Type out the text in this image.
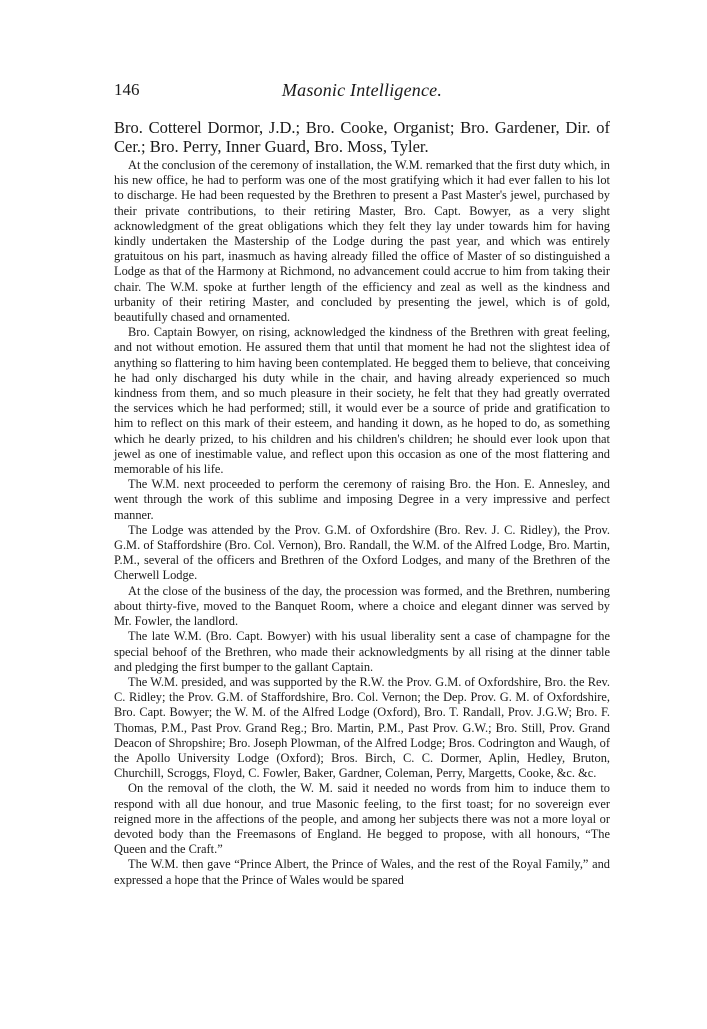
146	Masonic Intelligence.

Bro. Cotterel Dormor, J.D.; Bro. Cooke, Organist; Bro. Gardener, Dir. of Cer.; Bro. Perry, Inner Guard, Bro. Moss, Tyler.

At the conclusion of the ceremony of installation, the W.M. remarked that the first duty which, in his new office, he had to perform was one of the most gratifying which it had ever fallen to his lot to discharge. He had been requested by the Brethren to present a Past Master's jewel, purchased by their private contributions, to their retiring Master, Bro. Capt. Bowyer, as a very slight acknowledgment of the great obligations which they felt they lay under towards him for having kindly undertaken the Mastership of the Lodge during the past year, and which was entirely gratuitous on his part, inasmuch as having already filled the office of Master of so distinguished a Lodge as that of the Harmony at Richmond, no advancement could accrue to him from taking their chair. The W.M. spoke at further length of the efficiency and zeal as well as the kindness and urbanity of their retiring Master, and concluded by presenting the jewel, which is of gold, beautifully chased and ornamented.

Bro. Captain Bowyer, on rising, acknowledged the kindness of the Brethren with great feeling, and not without emotion. He assured them that until that moment he had not the slightest idea of anything so flattering to him having been contemplated. He begged them to believe, that conceiving he had only discharged his duty while in the chair, and having already experienced so much kindness from them, and so much pleasure in their society, he felt that they had greatly overrated the services which he had performed; still, it would ever be a source of pride and gratification to him to reflect on this mark of their esteem, and handing it down, as he hoped to do, as something which he dearly prized, to his children and his children's children; he should ever look upon that jewel as one of inestimable value, and reflect upon this occasion as one of the most flattering and memorable of his life.

The W.M. next proceeded to perform the ceremony of raising Bro. the Hon. E. Annesley, and went through the work of this sublime and imposing Degree in a very impressive and perfect manner.

The Lodge was attended by the Prov. G.M. of Oxfordshire (Bro. Rev. J. C. Ridley), the Prov. G.M. of Staffordshire (Bro. Col. Vernon), Bro. Randall, the W.M. of the Alfred Lodge, Bro. Martin, P.M., several of the officers and Brethren of the Oxford Lodges, and many of the Brethren of the Cherwell Lodge.

At the close of the business of the day, the procession was formed, and the Brethren, numbering about thirty-five, moved to the Banquet Room, where a choice and elegant dinner was served by Mr. Fowler, the landlord.

The late W.M. (Bro. Capt. Bowyer) with his usual liberality sent a case of champagne for the special behoof of the Brethren, who made their acknowledgments by all rising at the dinner table and pledging the first bumper to the gallant Captain.

The W.M. presided, and was supported by the R.W. the Prov. G.M. of Oxfordshire, Bro. the Rev. C. Ridley; the Prov. G.M. of Staffordshire, Bro. Col. Vernon; the Dep. Prov. G. M. of Oxfordshire, Bro. Capt. Bowyer; the W. M. of the Alfred Lodge (Oxford), Bro. T. Randall, Prov. J.G.W; Bro. F. Thomas, P.M., Past Prov. Grand Reg.; Bro. Martin, P.M., Past Prov. G.W.; Bro. Still, Prov. Grand Deacon of Shropshire; Bro. Joseph Plowman, of the Alfred Lodge; Bros. Codrington and Waugh, of the Apollo University Lodge (Oxford); Bros. Birch, C. C. Dormer, Aplin, Hedley, Bruton, Churchill, Scroggs, Floyd, C. Fowler, Baker, Gardner, Coleman, Perry, Margetts, Cooke, &c. &c.

On the removal of the cloth, the W. M. said it needed no words from him to induce them to respond with all due honour, and true Masonic feeling, to the first toast; for no sovereign ever reigned more in the affections of the people, and among her subjects there was not a more loyal or devoted body than the Freemasons of England. He begged to propose, with all honours, “The Queen and the Craft.”

The W.M. then gave “Prince Albert, the Prince of Wales, and the rest of the Royal Family,” and expressed a hope that the Prince of Wales would be spared
